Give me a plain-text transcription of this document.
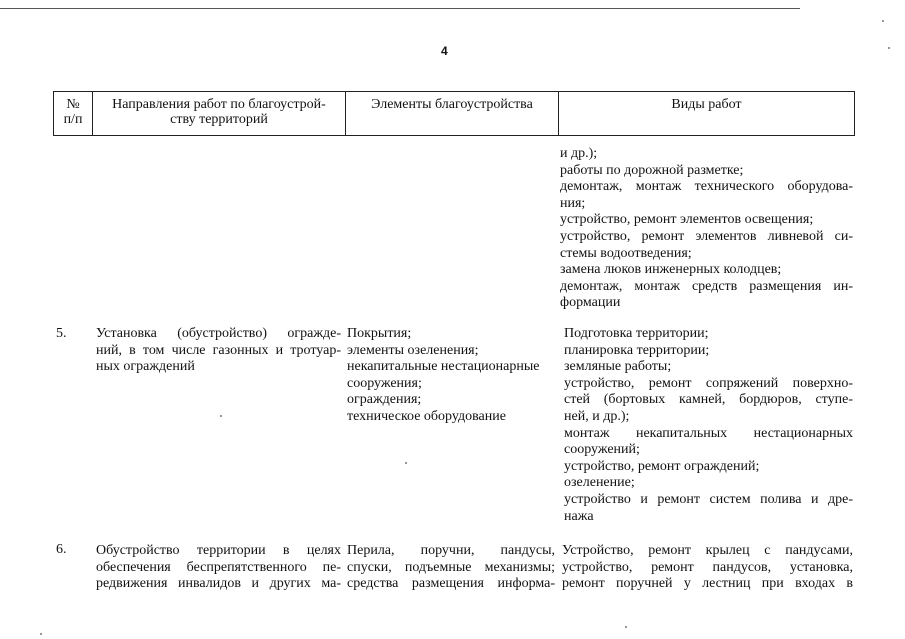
4
№
п/п
Направления работ по благоустрой-
ству территорий
Элементы благоустройства	Виды работ
и др.);
работы по дорожной разметке;
демонтаж, монтаж технического оборудова-
ния;
устройство, ремонт элементов освещения;
устройство, ремонт элементов ливневой си-
стемы водоотведения;
замена люков инженерных колодцев;
демонтаж, монтаж средств размещения ин-
формации
5. Установка (обустройство) огражде-
ний, в том числе газонных и тротуар-
ных ограждений
Покрытия;
элементы озеленения;
некапитальные нестационарные
сооружения;
ограждения;
техническое оборудование
Подготовка территории;
планировка территории;
земляные работы;
устройство, ремонт сопряжений поверхно-
стей (бортовых камней, бордюров, ступе-
ней, и др.);
монтаж некапитальных нестационарных
сооружений;
устройство, ремонт ограждений;
озеленение;
устройство и ремонт систем полива и дре-
нажа
6. Обустройство территории в целях
обеспечения беспрепятственного пе-
редвижения инвалидов и других ма-
Перила, поручни, пандусы,
спуски, подъемные механизмы;
средства размещения информа-
Устройство, ремонт крылец с пандусами,
устройство, ремонт пандусов, установка,
ремонт поручней у лестниц при входах в
